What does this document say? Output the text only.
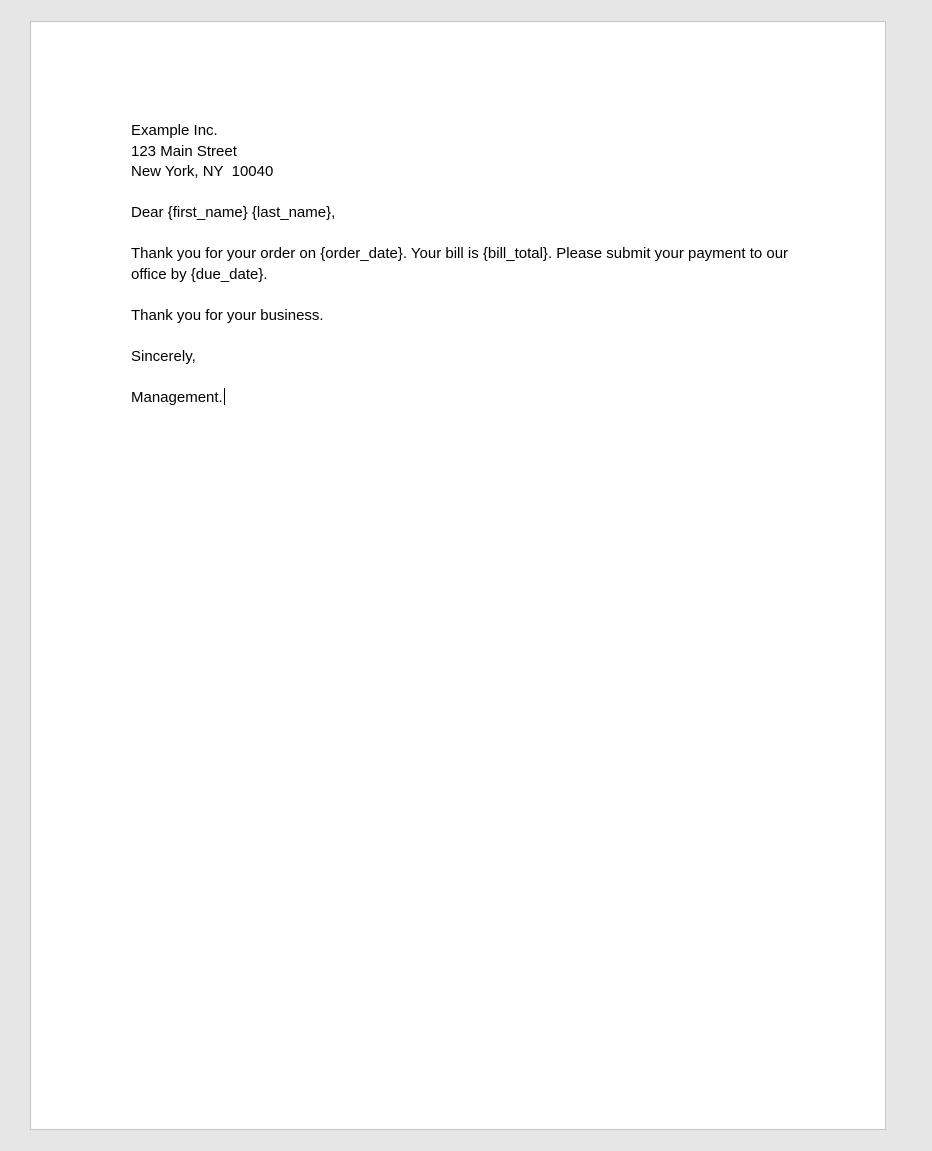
Example Inc.
123 Main Street
New York, NY  10040

Dear {first_name} {last_name},

Thank you for your order on {order_date}. Your bill is {bill_total}. Please submit your payment to our office by {due_date}.

Thank you for your business.

Sincerely,

Management.
